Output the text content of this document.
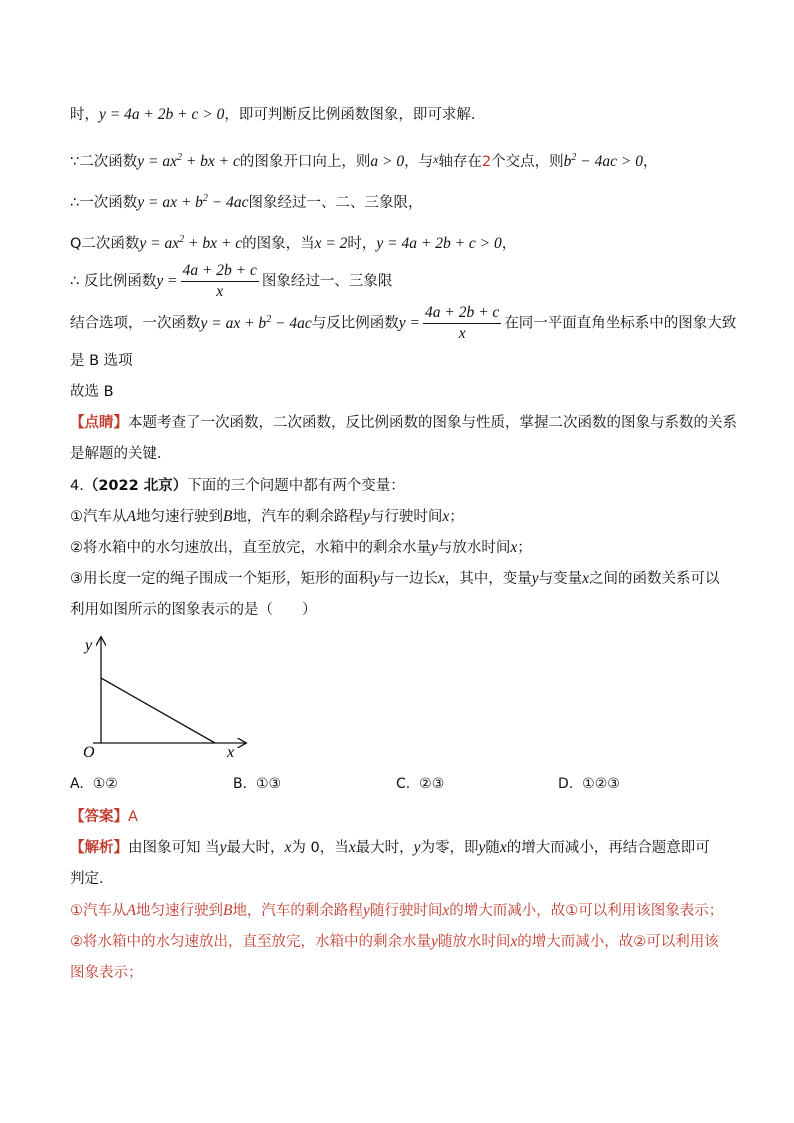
时，y = 4a + 2b + c > 0，即可判断反比例函数图象，即可求解．
∵二次函数$y = ax^2$ + bx + c的图象开口向上，则a > 0，与$^x$轴存在2个交点，则$b^2 - 4ac > 0$，
∴一次函数y = ax + $b^2 - 4ac$图象经过一、二、三象限，
Q二次函数$y = ax^2$ + bx + c的图象，当x = 2时，y = 4a + 2b + c > 0，
∴ 反比例函数$y = \frac{4a + 2b + c}{x}$ 图象经过一、三象限
结合选项，一次函数y = ax + $b^2 - 4ac$与反比例函数$y = \frac{4a + 2b + c}{x}$ 在同一平面直角坐标系中的图象大致
是 B 选项
故选 B
【点睛】本题考查了一次函数，二次函数，反比例函数的图象与性质，掌握二次函数的图象与系数的关系
是解题的关键．
4.（2022 北京）下面的三个问题中都有两个变量：
①汽车从A地匀速行驶到B地，汽车的剩余路程y与行驶时间x；
②将水箱中的水匀速放出，直至放完，水箱中的剩余水量y与放水时间x；
③用长度一定的绳子围成一个矩形，矩形的面积y与一边长x，其中，变量y与变量x之间的函数关系可以
利用如图所示的图象表示的是（　　）
y
x
O
A. ①②	B. ①③	C. ②③	D. ①②③
【答案】A
【解析】由图象可知 当y最大时，x为 0，当x最大时，y为零，即y随x的增大而减小，再结合题意即可
判定．
①汽车从A地匀速行驶到B地，汽车的剩余路程y随行驶时间x的增大而减小，故①可以利用该图象表示；
②将水箱中的水匀速放出，直至放完，水箱中的剩余水量y随放水时间x的增大而减小，故②可以利用该
图象表示；
